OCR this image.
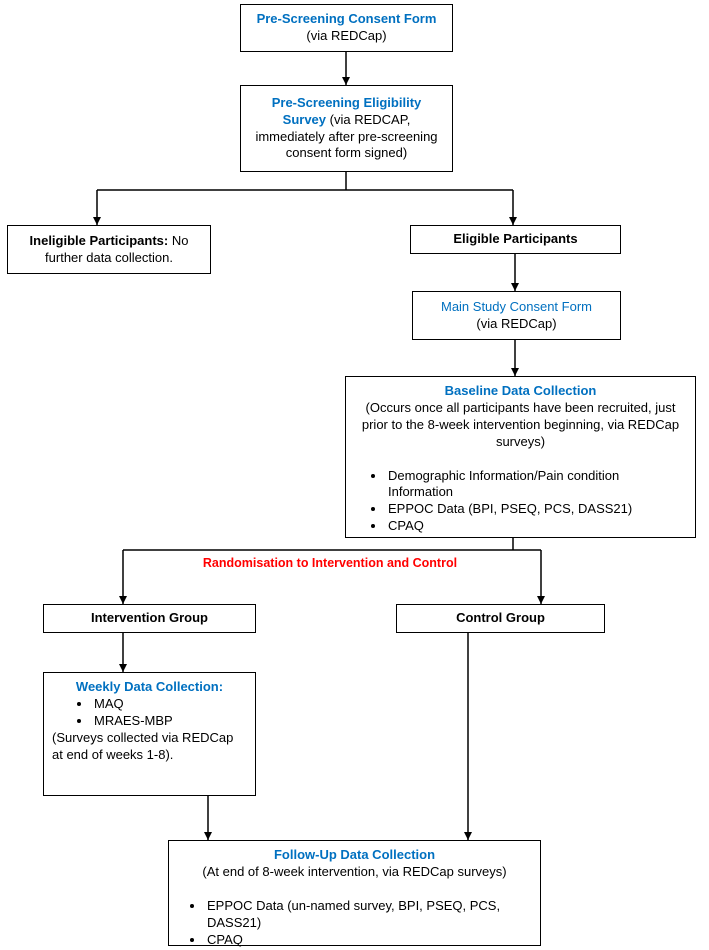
Pre-Screening Consent Form
(via REDCap)
Pre-Screening Eligibility Survey (via REDCAP, immediately after pre-screening consent form signed)
Ineligible Participants: No further data collection.
Eligible Participants
Main Study Consent Form
(via REDCap)
Baseline Data Collection
(Occurs once all participants have been recruited, just prior to the 8-week intervention beginning, via REDCap surveys)
• Demographic Information/Pain condition Information
• EPPOC Data (BPI, PSEQ, PCS, DASS21)
• CPAQ
Randomisation to Intervention and Control
Intervention Group	Control Group
Weekly Data Collection:
• MAQ
• MRAES-MBP
(Surveys collected via REDCap at end of weeks 1-8).
Follow-Up Data Collection
(At end of 8-week intervention, via REDCap surveys)
• EPPOC Data (un-named survey, BPI, PSEQ, PCS, DASS21)
• CPAQ
